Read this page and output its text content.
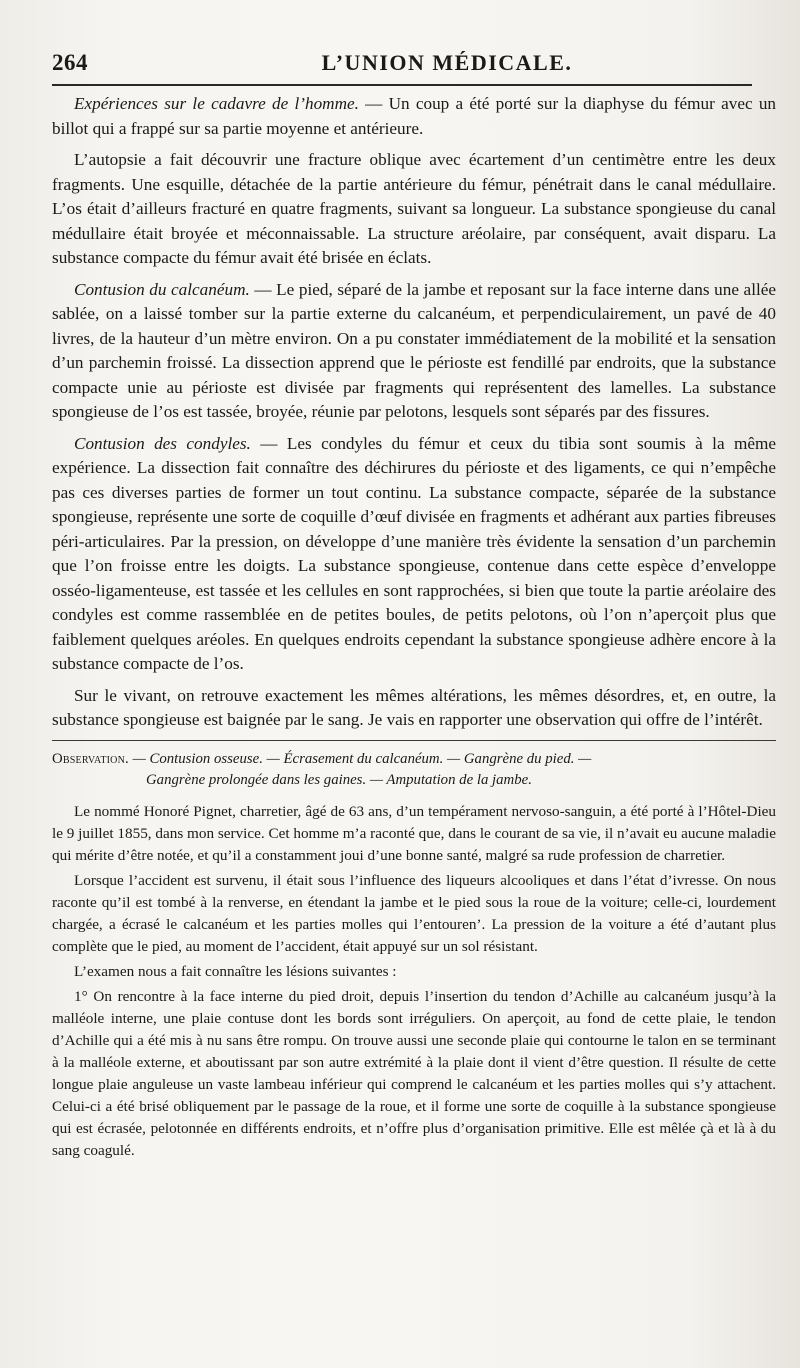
264	L’UNION MÉDICALE.

Expériences sur le cadavre de l’homme. — Un coup a été porté sur la diaphyse du fémur avec un billot qui a frappé sur sa partie moyenne et antérieure.

L’autopsie a fait découvrir une fracture oblique avec écartement d’un centimètre entre les deux fragments. Une esquille, détachée de la partie antérieure du fémur, pénétrait dans le canal médullaire. L’os était d’ailleurs fracturé en quatre fragments, suivant sa longueur. La substance spongieuse du canal médullaire était broyée et méconnaissable. La structure aréolaire, par conséquent, avait disparu. La substance compacte du fémur avait été brisée en éclats.

Contusion du calcanéum. — Le pied, séparé de la jambe et reposant sur la face interne dans une allée sablée, on a laissé tomber sur la partie externe du calcanéum, et perpendiculairement, un pavé de 40 livres, de la hauteur d’un mètre environ. On a pu constater immédiatement de la mobilité et la sensation d’un parchemin froissé. La dissection apprend que le périoste est fendillé par endroits, que la substance compacte unie au périoste est divisée par fragments qui représentent des lamelles. La substance spongieuse de l’os est tassée, broyée, réunie par pelotons, lesquels sont séparés par des fissures.

Contusion des condyles. — Les condyles du fémur et ceux du tibia sont soumis à la même expérience. La dissection fait connaître des déchirures du périoste et des ligaments, ce qui n’empêche pas ces diverses parties de former un tout continu. La substance compacte, séparée de la substance spongieuse, représente une sorte de coquille d’œuf divisée en fragments et adhérant aux parties fibreuses péri-articulaires. Par la pression, on développe d’une manière très évidente la sensation d’un parchemin que l’on froisse entre les doigts. La substance spongieuse, contenue dans cette espèce d’enveloppe osséo-ligamenteuse, est tassée et les cellules en sont rapprochées, si bien que toute la partie aréolaire des condyles est comme rassemblée en de petites boules, de petits pelotons, où l’on n’aperçoit plus que faiblement quelques aréoles. En quelques endroits cependant la substance spongieuse adhère encore à la substance compacte de l’os.

Sur le vivant, on retrouve exactement les mêmes altérations, les mêmes désordres, et, en outre, la substance spongieuse est baignée par le sang. Je vais en rapporter une observation qui offre de l’intérêt.

Observation. — Contusion osseuse. — Écrasement du calcanéum. — Gangrène du pied. —
Gangrène prolongée dans les gaines. — Amputation de la jambe.

Le nommé Honoré Pignet, charretier, âgé de 63 ans, d’un tempérament nervoso-sanguin, a été porté à l’Hôtel-Dieu le 9 juillet 1855, dans mon service. Cet homme m’a raconté que, dans le courant de sa vie, il n’avait eu aucune maladie qui mérite d’être notée, et qu’il a constamment joui d’une bonne santé, malgré sa rude profession de charretier.

Lorsque l’accident est survenu, il était sous l’influence des liqueurs alcooliques et dans l’état d’ivresse. On nous raconte qu’il est tombé à la renverse, en étendant la jambe et le pied sous la roue de la voiture; celle-ci, lourdement chargée, a écrasé le calcanéum et les parties molles qui l’entouren’. La pression de la voiture a été d’autant plus complète que le pied, au moment de l’accident, était appuyé sur un sol résistant.

L’examen nous a fait connaître les lésions suivantes :

1° On rencontre à la face interne du pied droit, depuis l’insertion du tendon d’Achille au calcanéum jusqu’à la malléole interne, une plaie contuse dont les bords sont irréguliers. On aperçoit, au fond de cette plaie, le tendon d’Achille qui a été mis à nu sans être rompu. On trouve aussi une seconde plaie qui contourne le talon en se terminant à la malléole externe, et aboutissant par son autre extrémité à la plaie dont il vient d’être question. Il résulte de cette longue plaie anguleuse un vaste lambeau inférieur qui comprend le calcanéum et les parties molles qui s’y attachent. Celui-ci a été brisé obliquement par le passage de la roue, et il forme une sorte de coquille à la substance spongieuse qui est écrasée, pelotonnée en différents endroits, et n’offre plus d’organisation primitive. Elle est mêlée çà et là à du sang coagulé.
